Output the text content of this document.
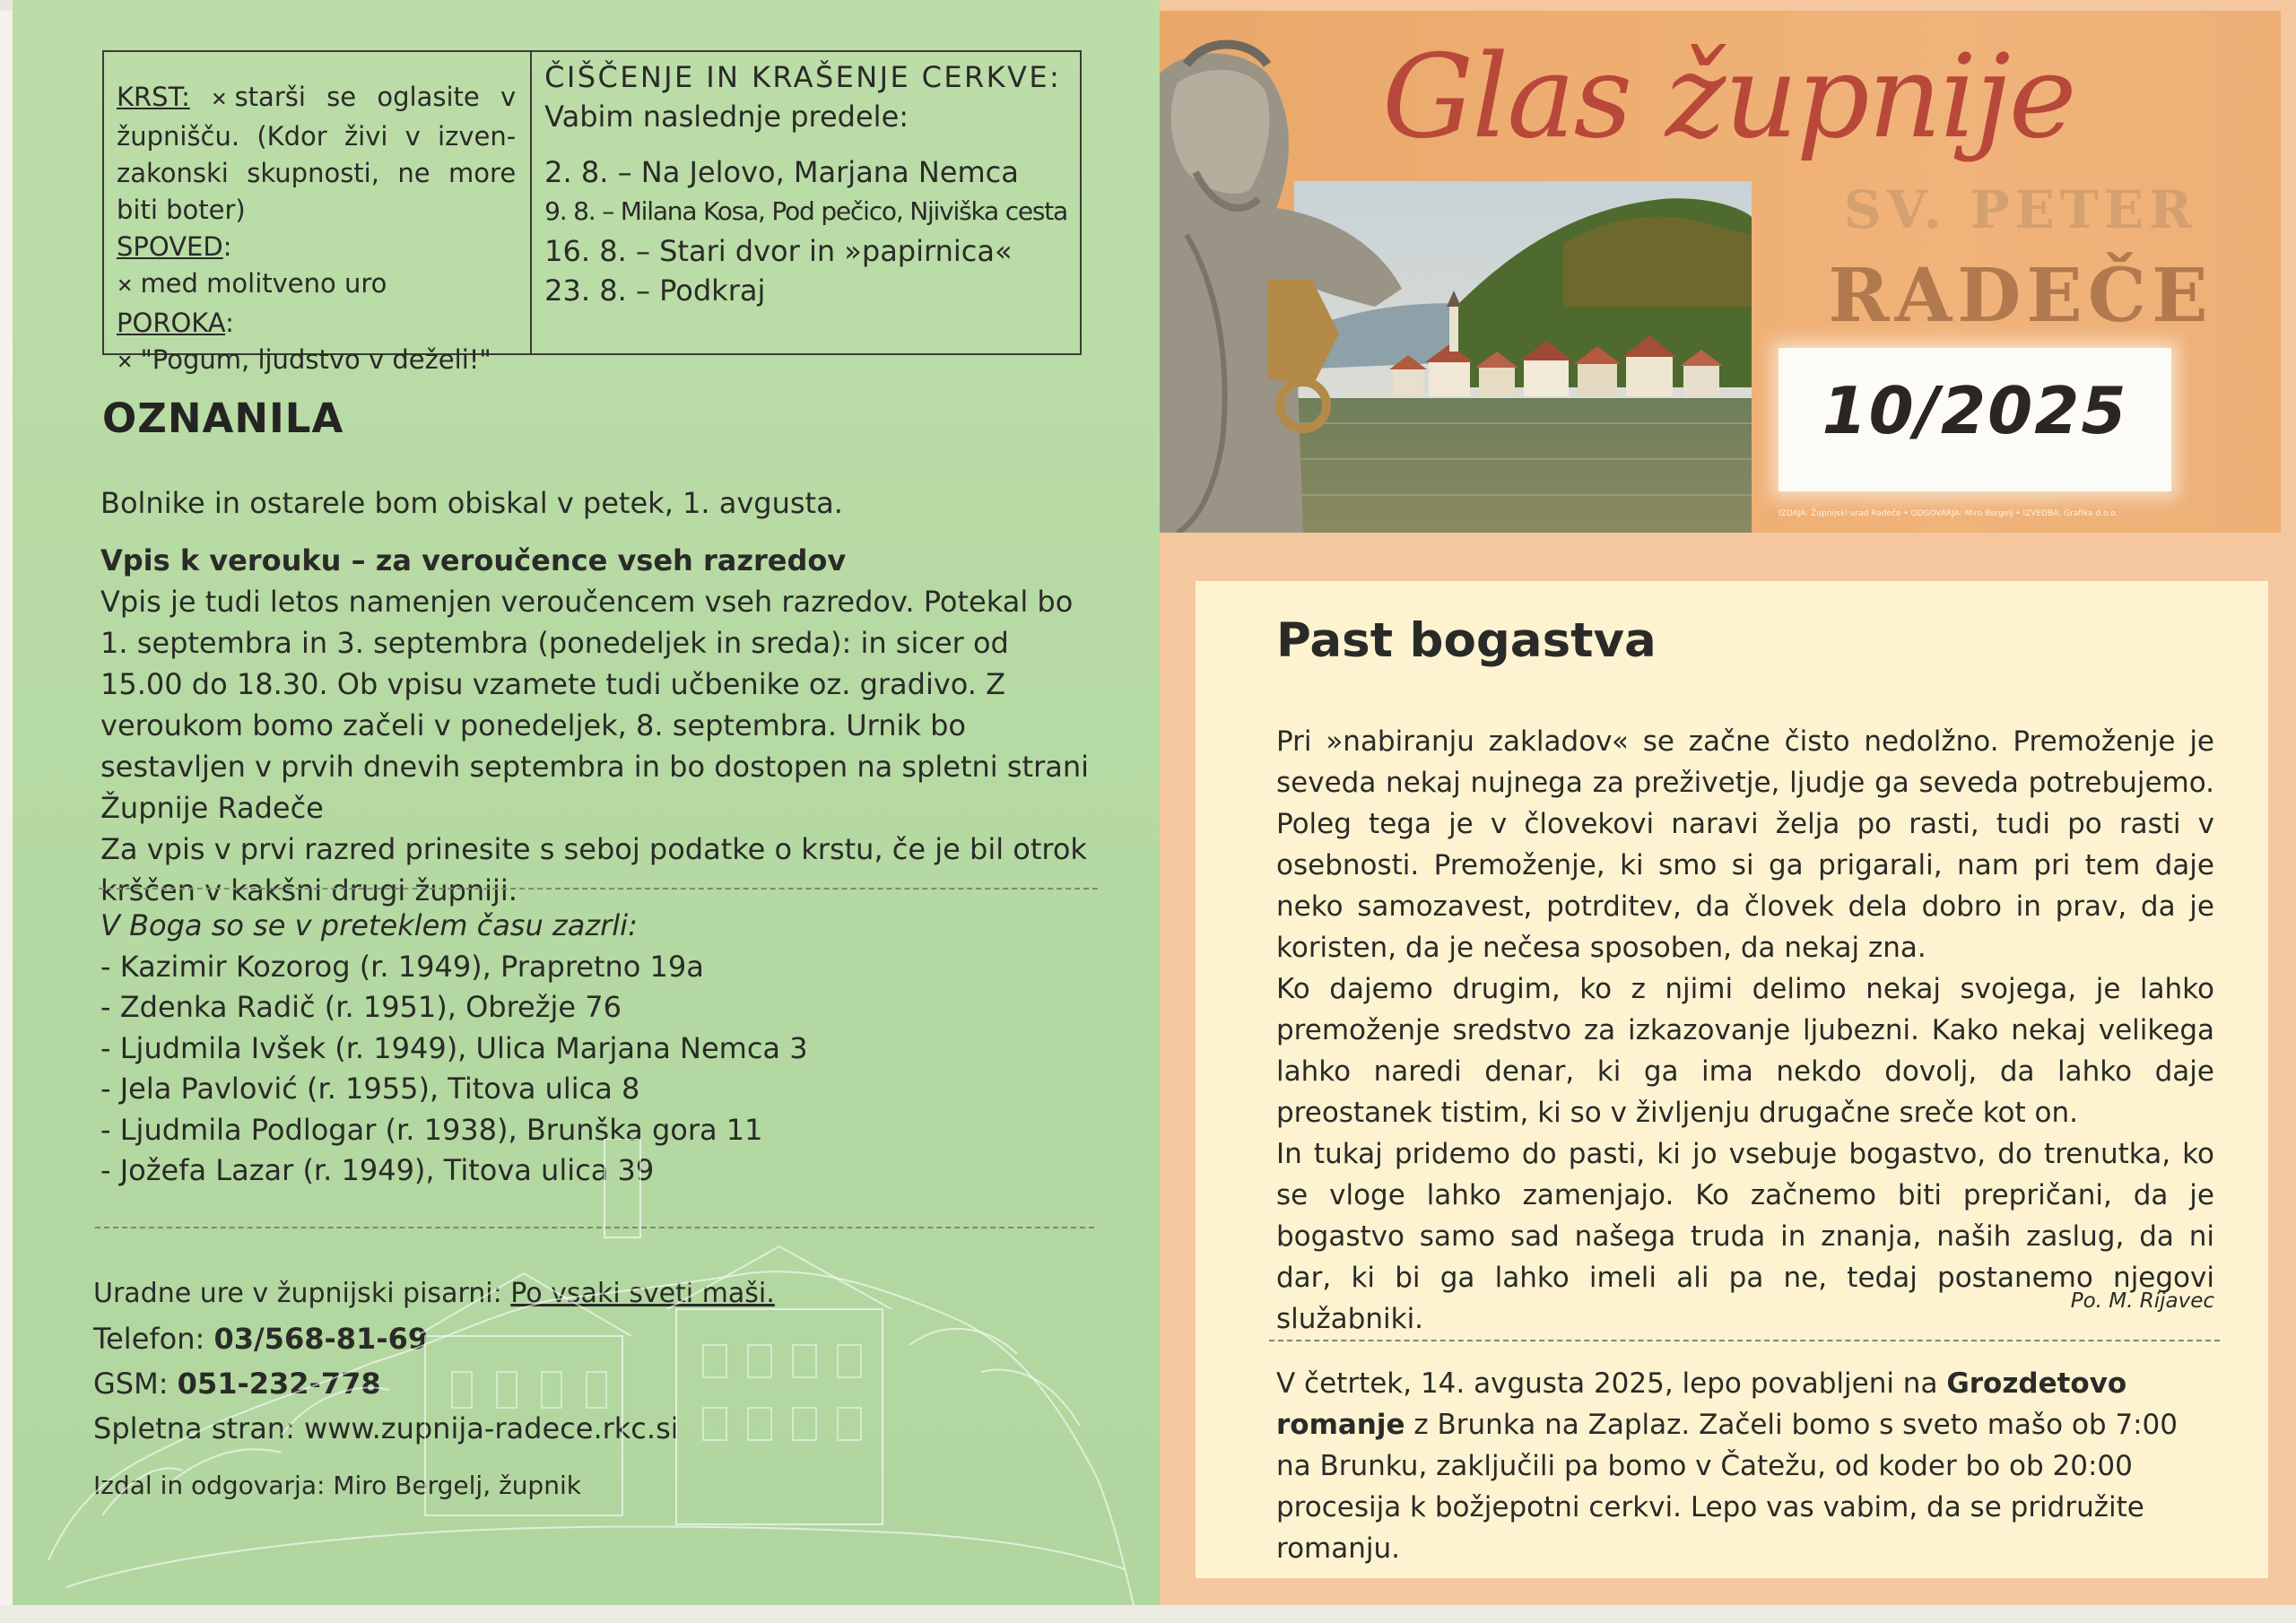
KRST: ✕ starši se oglasite v župnišču. (Kdor živi v izven-zakonski skupnosti, ne more biti boter)
SPOVED:
✕ med molitveno uro
POROKA:
✕ "Pogum, ljudstvo v deželi!"
ČIŠČENJE IN KRAŠENJE CERKVE:
Vabim naslednje predele:
2. 8. – Na Jelovo, Marjana Nemca
9. 8. – Milana Kosa, Pod pečico, Njiviška cesta
16. 8. – Stari dvor in »papirnica«
23. 8. – Podkraj
OZNANILA
Bolnike in ostarele bom obiskal v petek, 1. avgusta.
Vpis k verouku – za veroučence vseh razredov
Vpis je tudi letos namenjen veroučencem vseh razredov. Potekal bo 1. septembra in 3. septembra (ponedeljek in sreda): in sicer od 15.00 do 18.30. Ob vpisu vzamete tudi učbenike oz. gradivo. Z veroukom bomo začeli v ponedeljek, 8. septembra. Urnik bo sestavljen v prvih dnevih septembra in bo dostopen na spletni strani Župnije Radeče
Za vpis v prvi razred prinesite s seboj podatke o krstu, če je bil otrok krščen v kakšni drugi župniji.
V Boga so se v preteklem času zazrli:
- Kazimir Kozorog (r. 1949), Prapretno 19a
- Zdenka Radič (r. 1951), Obrežje 76
- Ljudmila Ivšek (r. 1949), Ulica Marjana Nemca 3
- Jela Pavlović (r. 1955), Titova ulica 8
- Ljudmila Podlogar (r. 1938), Brunška gora 11
- Jožefa Lazar (r. 1949), Titova ulica 39
Uradne ure v župnijski pisarni: Po vsaki sveti maši.
Telefon: 03/568-81-69
GSM: 051-232-778
Spletna stran: www.zupnija-radece.rkc.si
Izdal in odgovarja: Miro Bergelj, župnik
Glas župnije
SV. PETER
RADEČE
10/2025
IZDAJA: Župnijski urad Radeče • ODGOVARJA: Miro Bergelj • IZVEDBA: Grafika d.o.o.
Past bogastva

Pri »nabiranju zakladov« se začne čisto nedolžno. Premoženje je seveda nekaj nujnega za preživetje, ljudje ga seveda potrebujemo. Poleg tega je v človekovi naravi želja po rasti, tudi po rasti v osebnosti. Premoženje, ki smo si ga prigarali, nam pri tem daje neko samozavest, potrditev, da človek dela dobro in prav, da je koristen, da je nečesa sposoben, da nekaj zna.

Ko dajemo drugim, ko z njimi delimo nekaj svojega, je lahko premoženje sredstvo za izkazovanje ljubezni. Kako nekaj velikega lahko naredi denar, ki ga ima nekdo dovolj, da lahko daje preostanek tistim, ki so v življenju drugačne sreče kot on.

In tukaj pridemo do pasti, ki jo vsebuje bogastvo, do trenutka, ko se vloge lahko zamenjajo. Ko začnemo biti prepričani, da je bogastvo samo sad našega truda in znanja, naših zaslug, da ni dar, ki bi ga lahko imeli ali pa ne, tedaj postanemo njegovi služabniki.

Po. M. Rijavec
V četrtek, 14. avgusta 2025, lepo povabljeni na Grozdetovo romanje z Brunka na Zaplaz. Začeli bomo s sveto mašo ob 7:00 na Brunku, zaključili pa bomo v Čatežu, od koder bo ob 20:00 procesija k božjepotni cerkvi. Lepo vas vabim, da se pridružite romanju.
